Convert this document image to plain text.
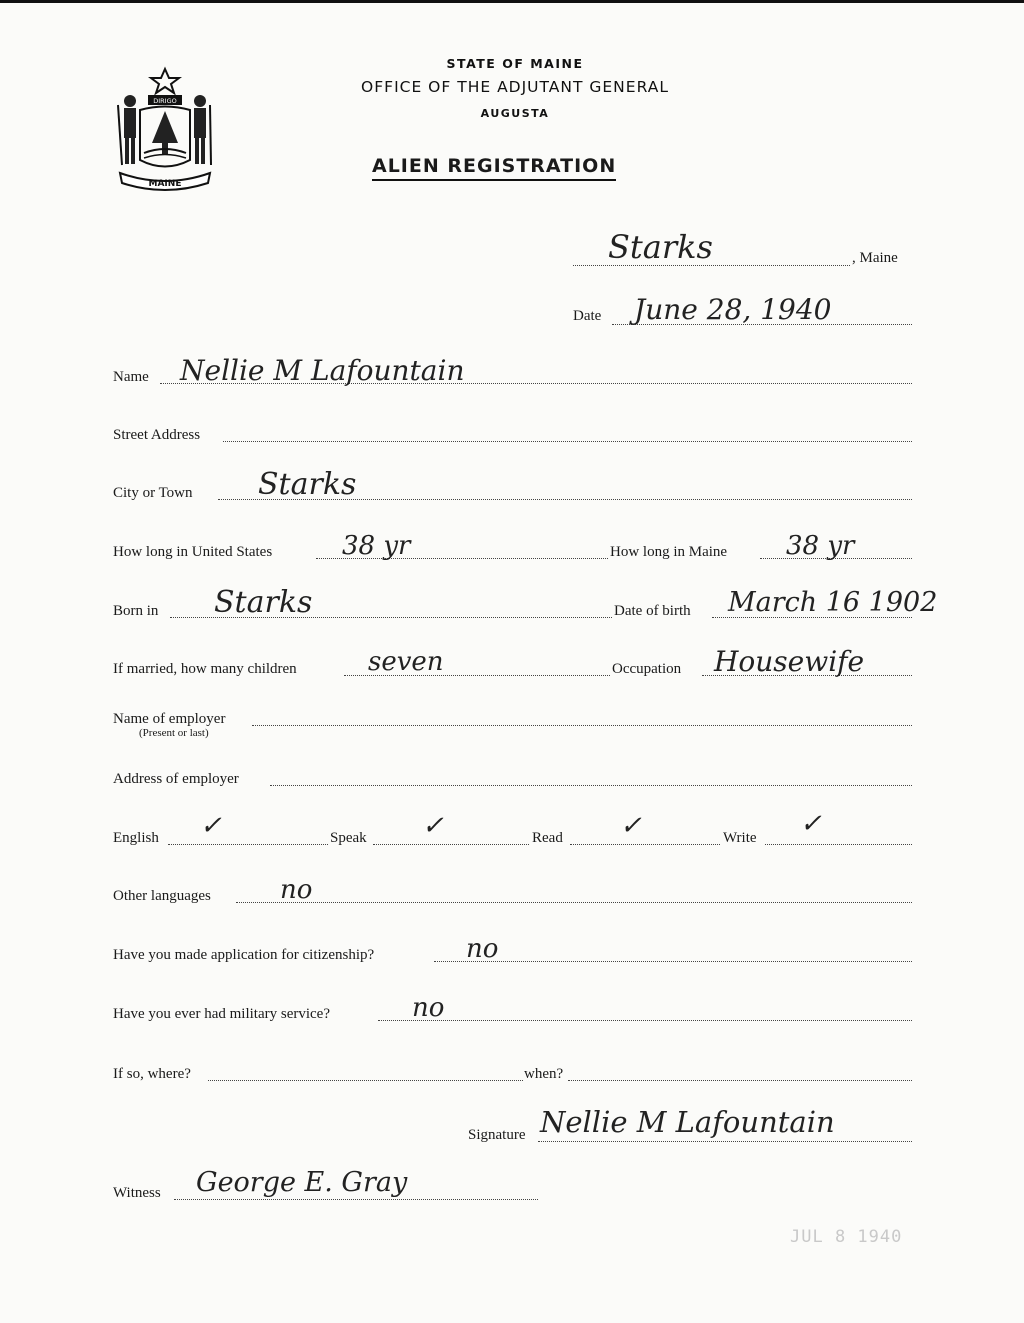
DIRIGO
MAINE
STATE OF MAINE
OFFICE OF THE ADJUTANT GENERAL
AUGUSTA
ALIEN REGISTRATION
Starks	, Maine
Date June 28, 1940
Name Nellie M Lafountain
Street Address
City or Town Starks
How long in United States	38 yr	How long in Maine 38 yr
Born in Starks	Date of birth March 16 1902
If married, how many children	seven	Occupation Housewife
Name of employer
(Present or last)
Address of employer
English ✓	Speak ✓	Read ✓	Write ✓
Other languages	no
Have you made application for citizenship?	no
Have you ever had military service?	no
If so, where?	when?
Signature Nellie M Lafountain
Witness George E. Gray
JUL 8 1940
